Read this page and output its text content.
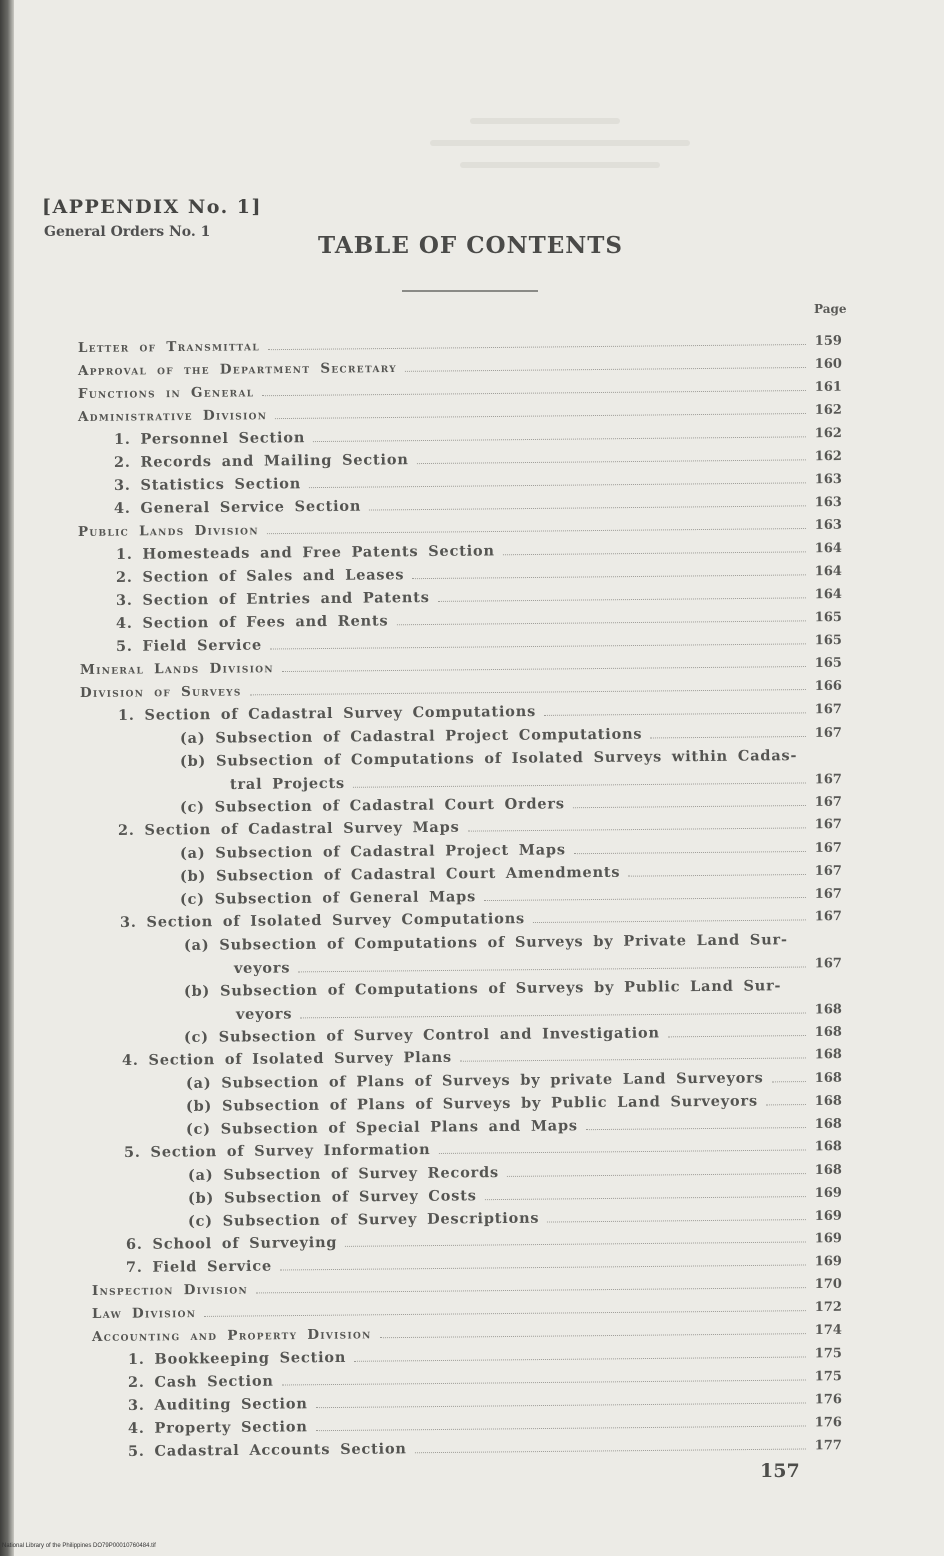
[APPENDIX No. 1]
General Orders No. 1	TABLE OF CONTENTS
Page
Letter of Transmittal	159
Approval of the Department Secretary	160
Functions in General	161
Administrative Division	162
1. Personnel Section	162
2. Records and Mailing Section	162
3. Statistics Section	163
4. General Service Section	163
Public Lands Division	163
1. Homesteads and Free Patents Section	164
2. Section of Sales and Leases	164
3. Section of Entries and Patents	164
4. Section of Fees and Rents	165
5. Field Service	165
Mineral Lands Division	165
Division of Surveys	166
1. Section of Cadastral Survey Computations	167
(a) Subsection of Cadastral Project Computations	167
(b) Subsection of Computations of Isolated Surveys within Cadas-
tral Projects	167
(c) Subsection of Cadastral Court Orders	167
2. Section of Cadastral Survey Maps	167
(a) Subsection of Cadastral Project Maps	167
(b) Subsection of Cadastral Court Amendments	167
(c) Subsection of General Maps	167
3. Section of Isolated Survey Computations	167
(a) Subsection of Computations of Surveys by Private Land Sur-
veyors	167
(b) Subsection of Computations of Surveys by Public Land Sur-
veyors	168
(c) Subsection of Survey Control and Investigation	168
4. Section of Isolated Survey Plans	168
(a) Subsection of Plans of Surveys by private Land Surveyors	168
(b) Subsection of Plans of Surveys by Public Land Surveyors	168
(c) Subsection of Special Plans and Maps	168
5. Section of Survey Information	168
(a) Subsection of Survey Records	168
(b) Subsection of Survey Costs	169
(c) Subsection of Survey Descriptions	169
6. School of Surveying	169
7. Field Service	169
Inspection Division	170
Law Division	172
Accounting and Property Division	174
1. Bookkeeping Section	175
2. Cash Section	175
3. Auditing Section	176
4. Property Section	176
5. Cadastral Accounts Section	177
157
National Library of the Philippines DO79P00010760484.tif
